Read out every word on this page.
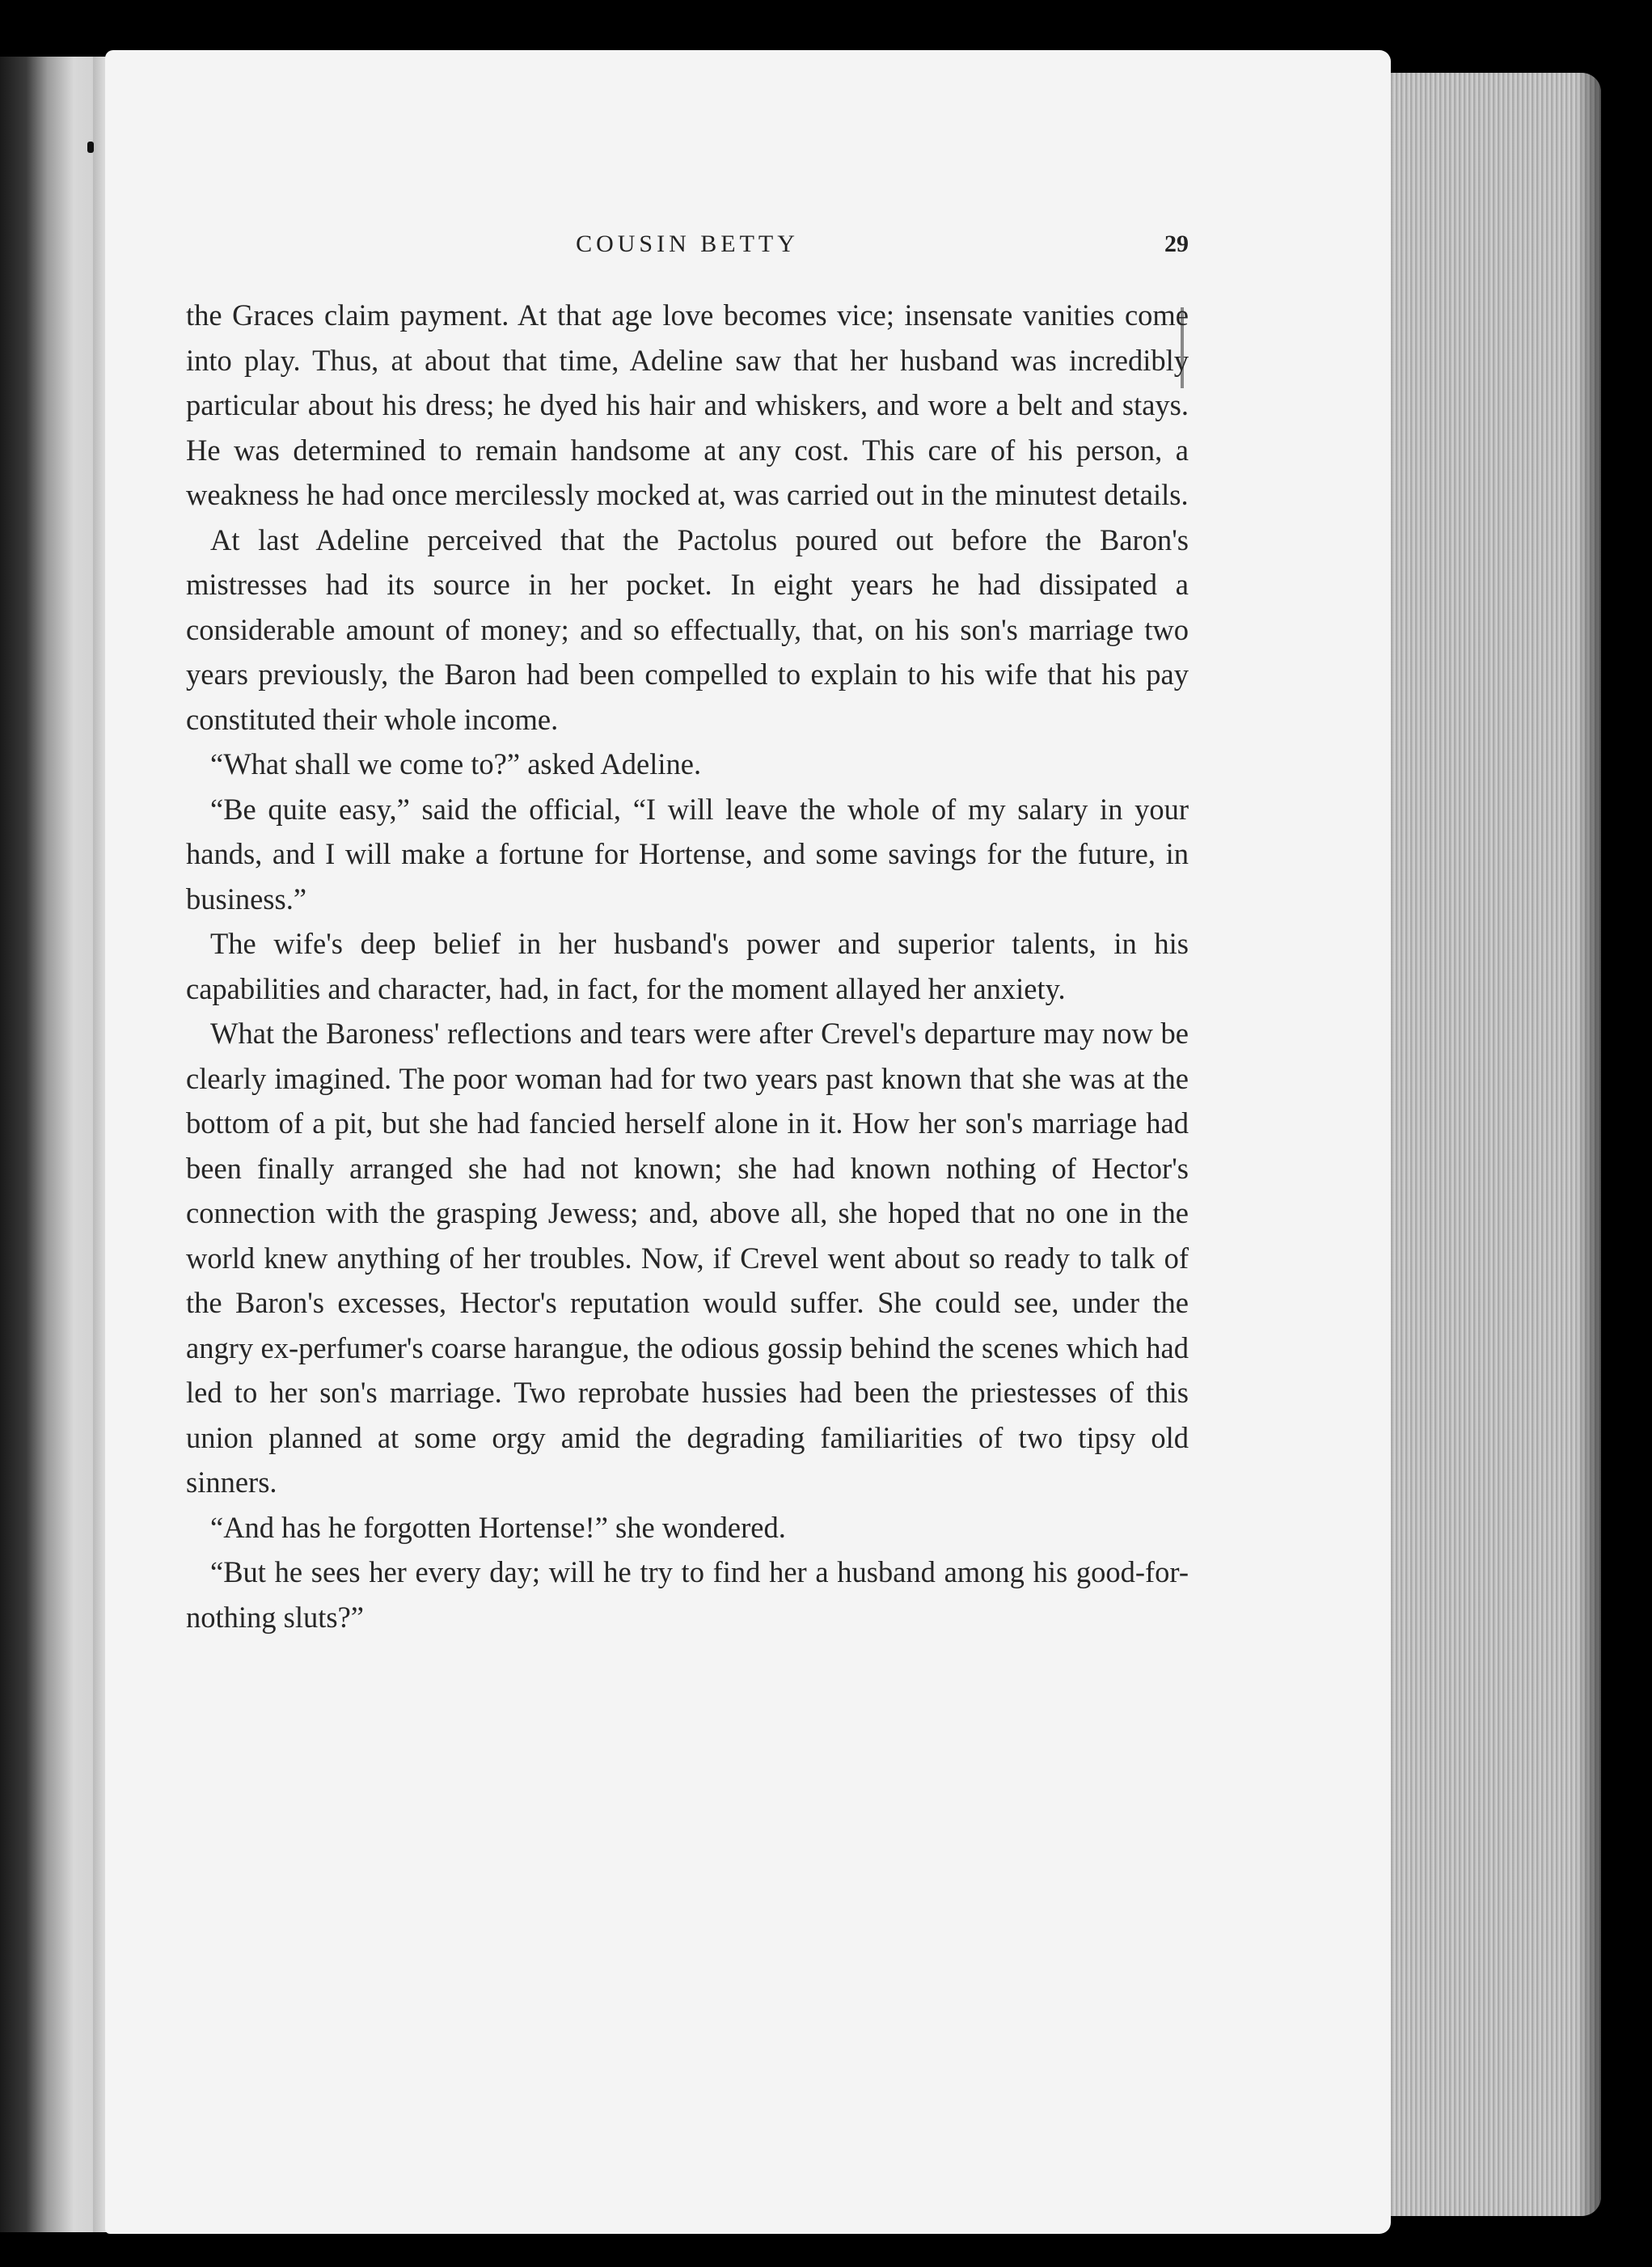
COUSIN BETTY	29

the Graces claim payment. At that age love becomes vice; insensate vanities come into play. Thus, at about that time, Adeline saw that her husband was incredibly particular about his dress; he dyed his hair and whiskers, and wore a belt and stays. He was determined to remain handsome at any cost. This care of his person, a weakness he had once mercilessly mocked at, was carried out in the minutest details.

At last Adeline perceived that the Pactolus poured out before the Baron's mistresses had its source in her pocket. In eight years he had dissipated a considerable amount of money; and so effectually, that, on his son's marriage two years previously, the Baron had been compelled to explain to his wife that his pay constituted their whole income.

“What shall we come to?” asked Adeline.

“Be quite easy,” said the official, “I will leave the whole of my salary in your hands, and I will make a fortune for Hortense, and some savings for the future, in business.”

The wife's deep belief in her husband's power and superior talents, in his capabilities and character, had, in fact, for the moment allayed her anxiety.

What the Baroness' reflections and tears were after Crevel's departure may now be clearly imagined. The poor woman had for two years past known that she was at the bottom of a pit, but she had fancied herself alone in it. How her son's marriage had been finally arranged she had not known; she had known nothing of Hector's connection with the grasping Jewess; and, above all, she hoped that no one in the world knew anything of her troubles. Now, if Crevel went about so ready to talk of the Baron's excesses, Hector's reputation would suffer. She could see, under the angry ex-perfumer's coarse harangue, the odious gossip behind the scenes which had led to her son's marriage. Two reprobate hussies had been the priestesses of this union planned at some orgy amid the degrading familiarities of two tipsy old sinners.

“And has he forgotten Hortense!” she wondered.

“But he sees her every day; will he try to find her a husband among his good-for-nothing sluts?”
